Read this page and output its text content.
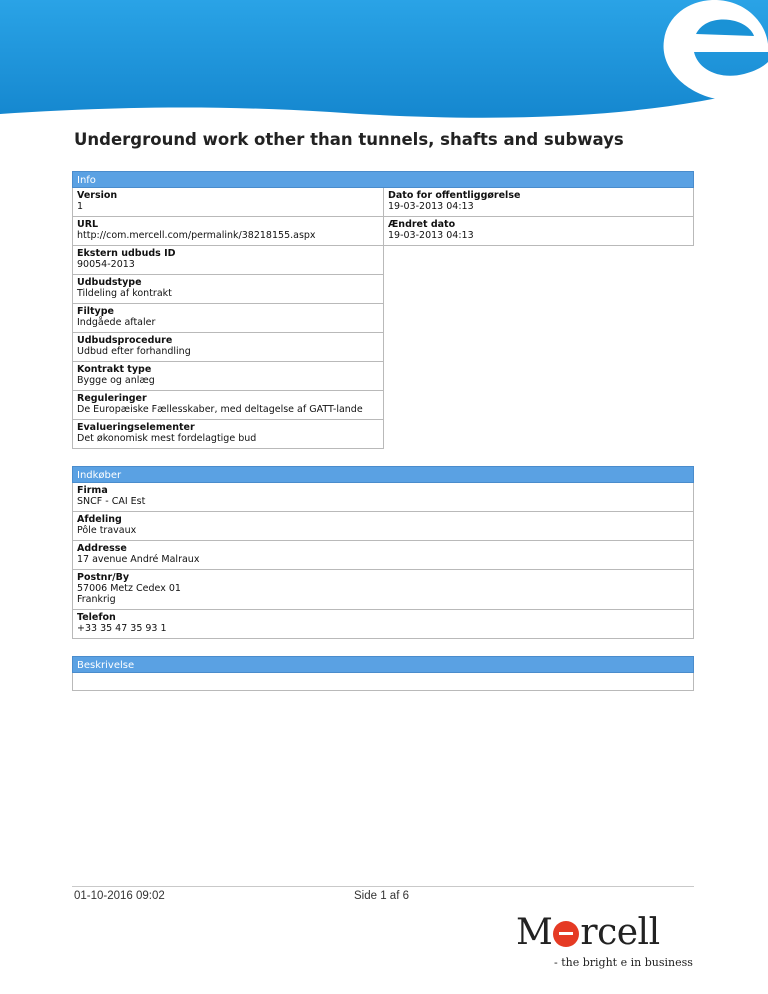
Underground work other than tunnels, shafts and subways
Info
Version
1
Dato for offentliggørelse
19-03-2013 04:13
URL
http://com.mercell.com/permalink/38218155.aspx
Ændret dato
19-03-2013 04:13
Ekstern udbuds ID
90054-2013
Udbudstype
Tildeling af kontrakt
Filtype
Indgåede aftaler
Udbudsprocedure
Udbud efter forhandling
Kontrakt type
Bygge og anlæg
Reguleringer
De Europæiske Fællesskaber, med deltagelse af GATT-lande
Evalueringselementer
Det økonomisk mest fordelagtige bud
Indkøber
Firma
SNCF - CAI Est
Afdeling
Pôle travaux
Addresse
17 avenue André Malraux
Postnr/By
57006 Metz Cedex 01
Frankrig
Telefon
+33 35 47 35 93 1
Beskrivelse
01-10-2016 09:02	Side 1 af 6
M rcell
- the bright e in business
